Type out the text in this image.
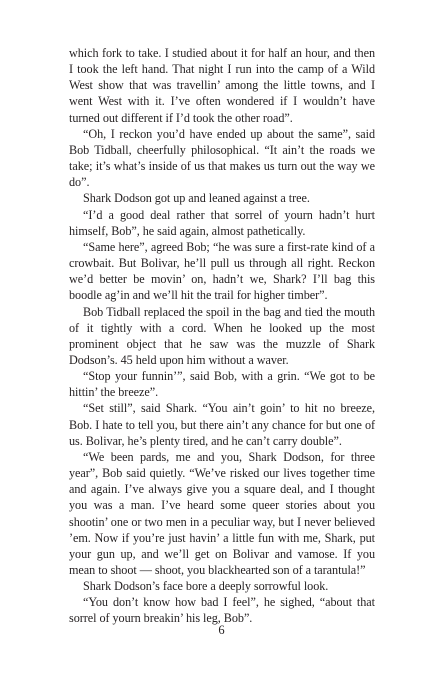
which fork to take. I studied about it for half an hour, and then I took the left hand. That night I run into the camp of a Wild West show that was travellin’ among the little towns, and I went West with it. I’ve often wondered if I wouldn’t have turned out different if I’d took the other road”.

“Oh, I reckon you’d have ended up about the same”, said Bob Tidball, cheerfully philosophical. “It ain’t the roads we take; it’s what’s inside of us that makes us turn out the way we do”.

Shark Dodson got up and leaned against a tree.

“I’d a good deal rather that sorrel of yourn hadn’t hurt himself, Bob”, he said again, almost pathetically.

“Same here”, agreed Bob; “he was sure a first-rate kind of a crowbait. But Bolivar, he’ll pull us through all right. Reckon we’d better be movin’ on, hadn’t we, Shark? I’ll bag this boodle ag’in and we’ll hit the trail for higher timber”.

Bob Tidball replaced the spoil in the bag and tied the mouth of it tightly with a cord. When he looked up the most prominent object that he saw was the muzzle of Shark Dodson’s. 45 held upon him without a waver.

“Stop your funnin’”, said Bob, with a grin. “We got to be hittin’ the breeze”.

“Set still”, said Shark. “You ain’t goin’ to hit no breeze, Bob. I hate to tell you, but there ain’t any chance for but one of us. Bolivar, he’s plenty tired, and he can’t carry double”.

“We been pards, me and you, Shark Dodson, for three year”, Bob said quietly. “We’ve risked our lives together time and again. I’ve always give you a square deal, and I thought you was a man. I’ve heard some queer stories about you shootin’ one or two men in a peculiar way, but I never believed ’em. Now if you’re just havin’ a little fun with me, Shark, put your gun up, and we’ll get on Bolivar and vamose. If you mean to shoot — shoot, you blackhearted son of a tarantula!”

Shark Dodson’s face bore a deeply sorrowful look.

“You don’t know how bad I feel”, he sighed, “about that sorrel of yourn breakin’ his leg, Bob”.

6
